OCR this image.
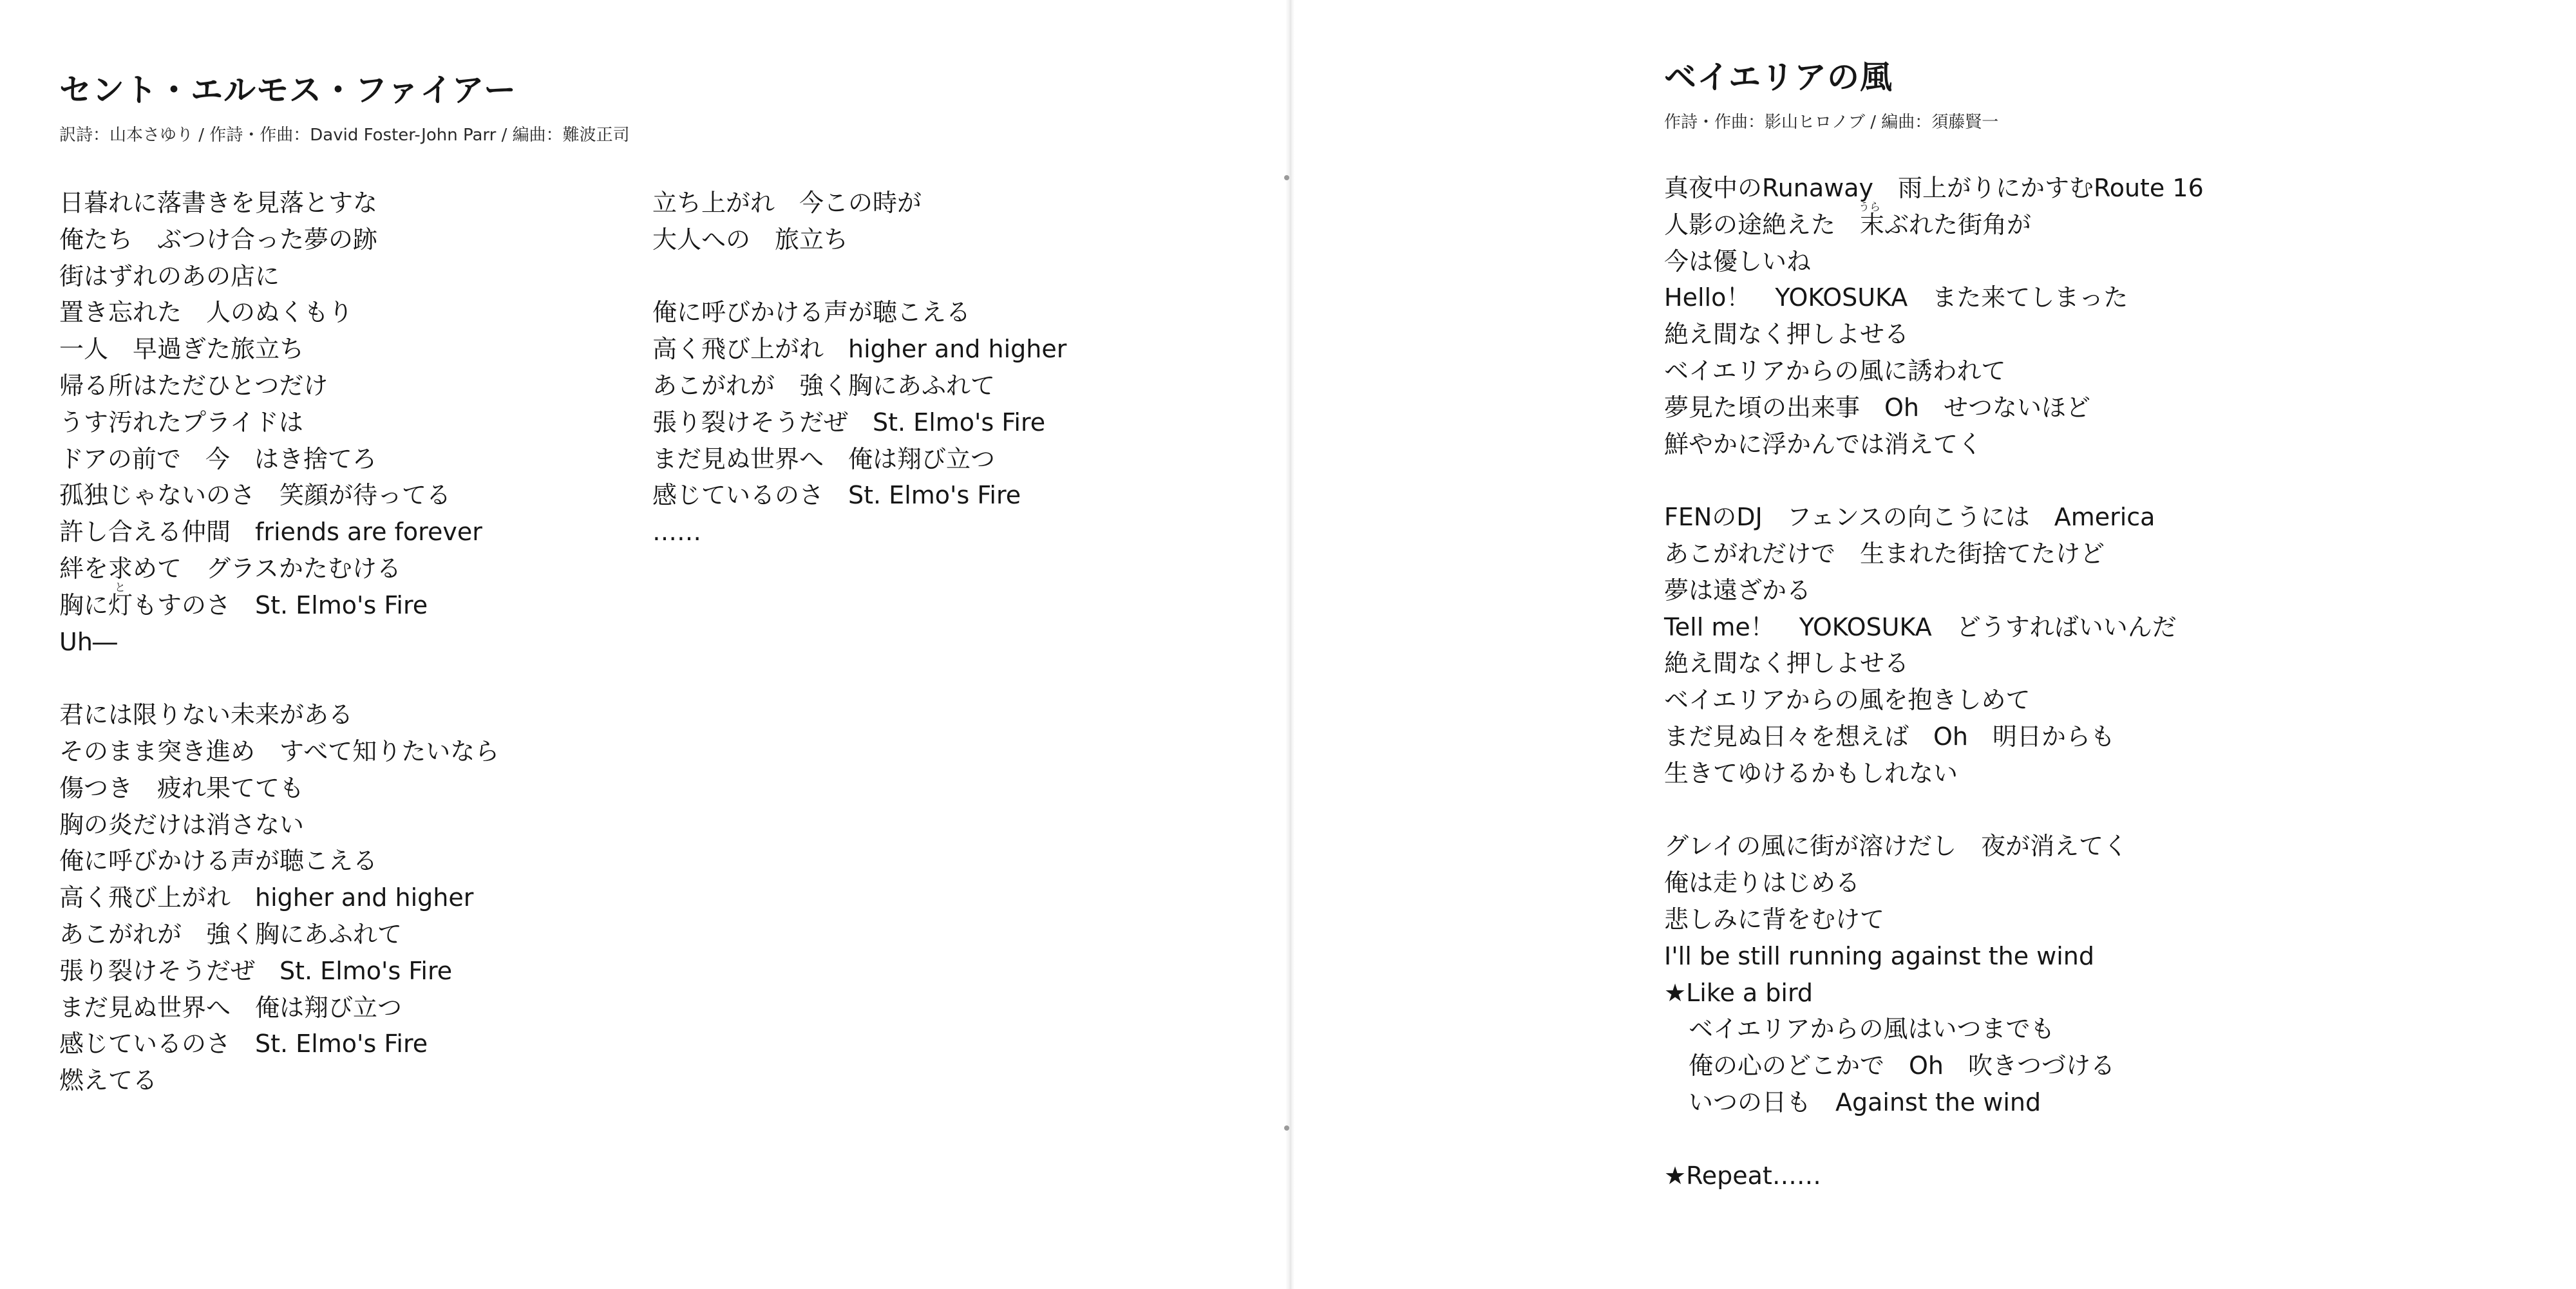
セント・エルモス・ファイアー
訳詩：山本さゆり / 作詩・作曲：David Foster-John Parr / 編曲：難波正司
日暮れに落書きを見落とすな
俺たち　ぶつけ合った夢の跡
街はずれのあの店に
置き忘れた　人のぬくもり
一人　早過ぎた旅立ち
帰る所はただひとつだけ
うす汚れたプライドは
ドアの前で　今　はき捨てろ
孤独じゃないのさ　笑顔が待ってる
許し合える仲間　friends are forever
絆を求めて　グラスかたむける
胸に灯もすのさ　St. Elmo's Fire
と
Uh―
君には限りない未来がある
そのまま突き進め　すべて知りたいなら
傷つき　疲れ果てても
胸の炎だけは消さない
俺に呼びかける声が聴こえる
高く飛び上がれ　higher and higher
あこがれが　強く胸にあふれて
張り裂けそうだぜ　St. Elmo's Fire
まだ見ぬ世界へ　俺は翔び立つ
感じているのさ　St. Elmo's Fire
燃えてる
立ち上がれ　今この時が
大人への　旅立ち
俺に呼びかける声が聴こえる
高く飛び上がれ　higher and higher
あこがれが　強く胸にあふれて
張り裂けそうだぜ　St. Elmo's Fire
まだ見ぬ世界へ　俺は翔び立つ
感じているのさ　St. Elmo's Fire
……
ベイエリアの風
作詩・作曲：影山ヒロノブ / 編曲：須藤賢一
真夜中のRunaway　雨上がりにかすむRoute 16
人影の途絶えた　末ぶれた街角が
うら
今は優しいね
Hello！　YOKOSUKA　また来てしまった
絶え間なく押しよせる
ベイエリアからの風に誘われて
夢見た頃の出来事　Oh　せつないほど
鮮やかに浮かんでは消えてく
FENのDJ　フェンスの向こうには　America
あこがれだけで　生まれた街捨てたけど
夢は遠ざかる
Tell me！　YOKOSUKA　どうすればいいんだ
絶え間なく押しよせる
ベイエリアからの風を抱きしめて
まだ見ぬ日々を想えば　Oh　明日からも
生きてゆけるかもしれない
グレイの風に街が溶けだし　夜が消えてく
俺は走りはじめる
悲しみに背をむけて
I'll be still running against the wind
★Like a bird
　ベイエリアからの風はいつまでも
　俺の心のどこかで　Oh　吹きつづける
　いつの日も　Against the wind
★Repeat……
